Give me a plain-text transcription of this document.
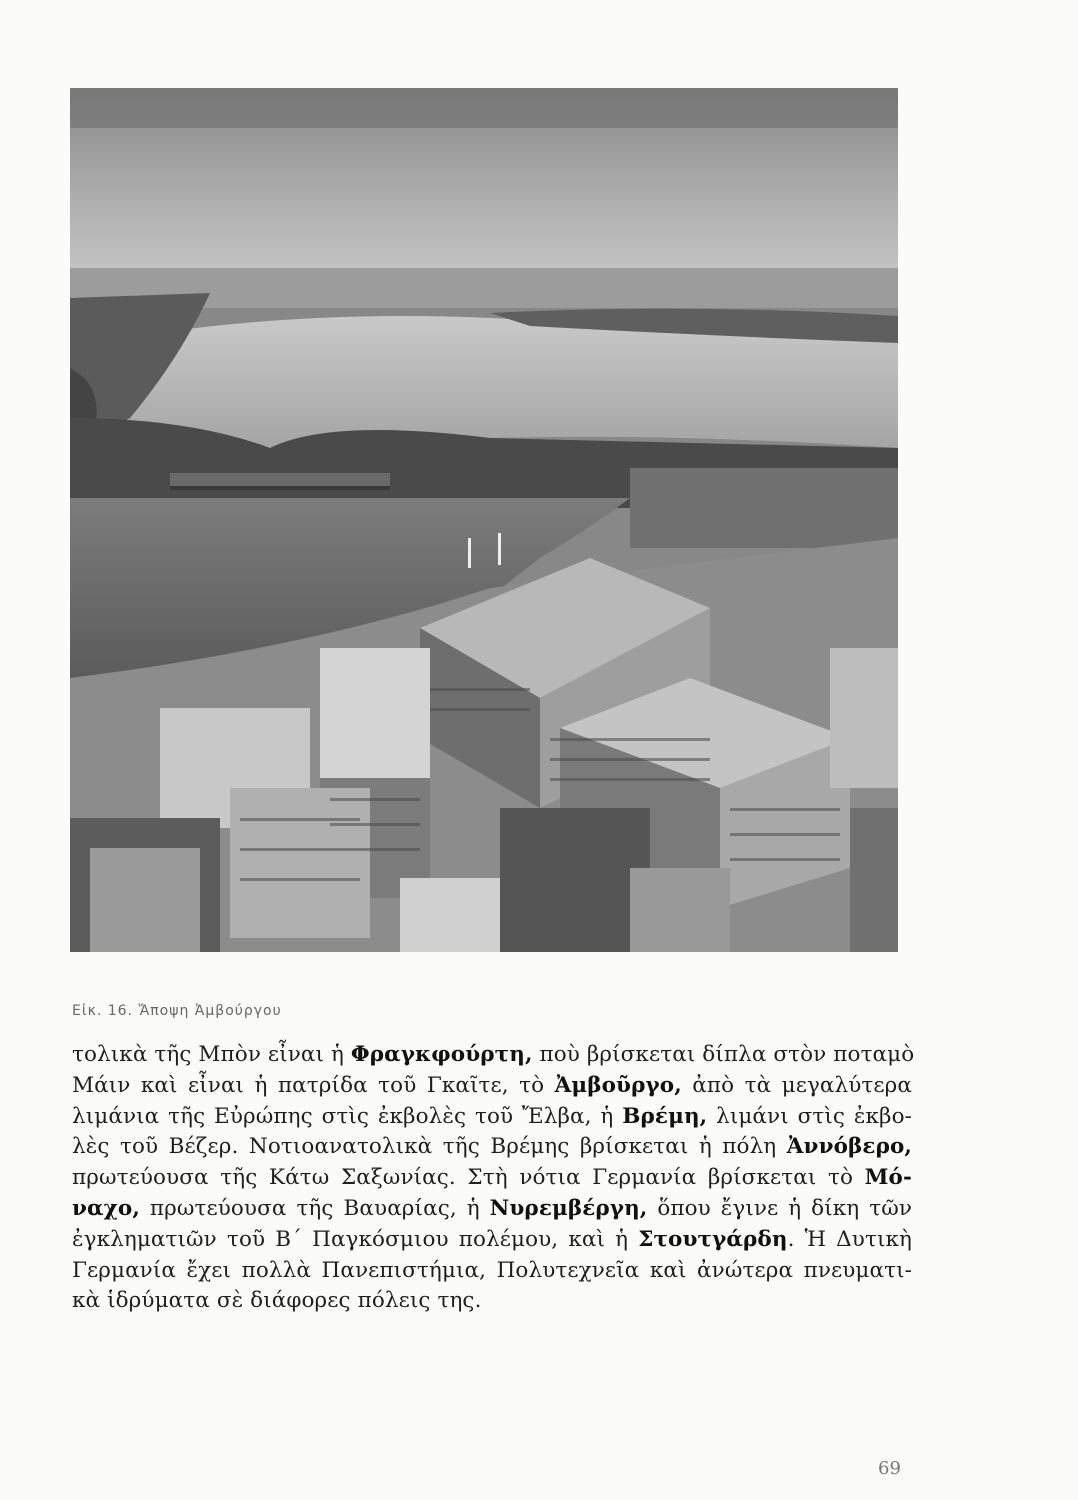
Εἰκ. 16. Ἄποψη Ἀμβούργου
τολικὰ τῆς Μπὸν εἶναι ἡ Φραγκφούρτη, ποὺ βρίσκεται δίπλα στὸν ποταμὸ
Μάιν καὶ εἶναι ἡ πατρίδα τοῦ Γκαῖτε, τὸ Ἀμβοῦργο, ἀπὸ τὰ μεγαλύτερα
λιμάνια τῆς Εὐρώπης στὶς ἐκβολὲς τοῦ Ἔλβα, ἡ Βρέμη, λιμάνι στὶς ἐκβο-
λὲς τοῦ Βέζερ. Νοτιοανατολικὰ τῆς Βρέμης βρίσκεται ἡ πόλη Ἀννόβερο,
πρωτεύουσα τῆς Κάτω Σαξωνίας. Στὴ νότια Γερμανία βρίσκεται τὸ Μό-
ναχο, πρωτεύουσα τῆς Βαυαρίας, ἡ Νυρεμβέργη, ὅπου ἔγινε ἡ δίκη τῶν
ἐγκληματιῶν τοῦ Β΄ Παγκόσμιου πολέμου, καὶ ἡ Στουτγάρδη. Ἡ Δυτικὴ
Γερμανία ἔχει πολλὰ Πανεπιστήμια, Πολυτεχνεῖα καὶ ἀνώτερα πνευματι-
κὰ ἱδρύματα σὲ διάφορες πόλεις της.
69
